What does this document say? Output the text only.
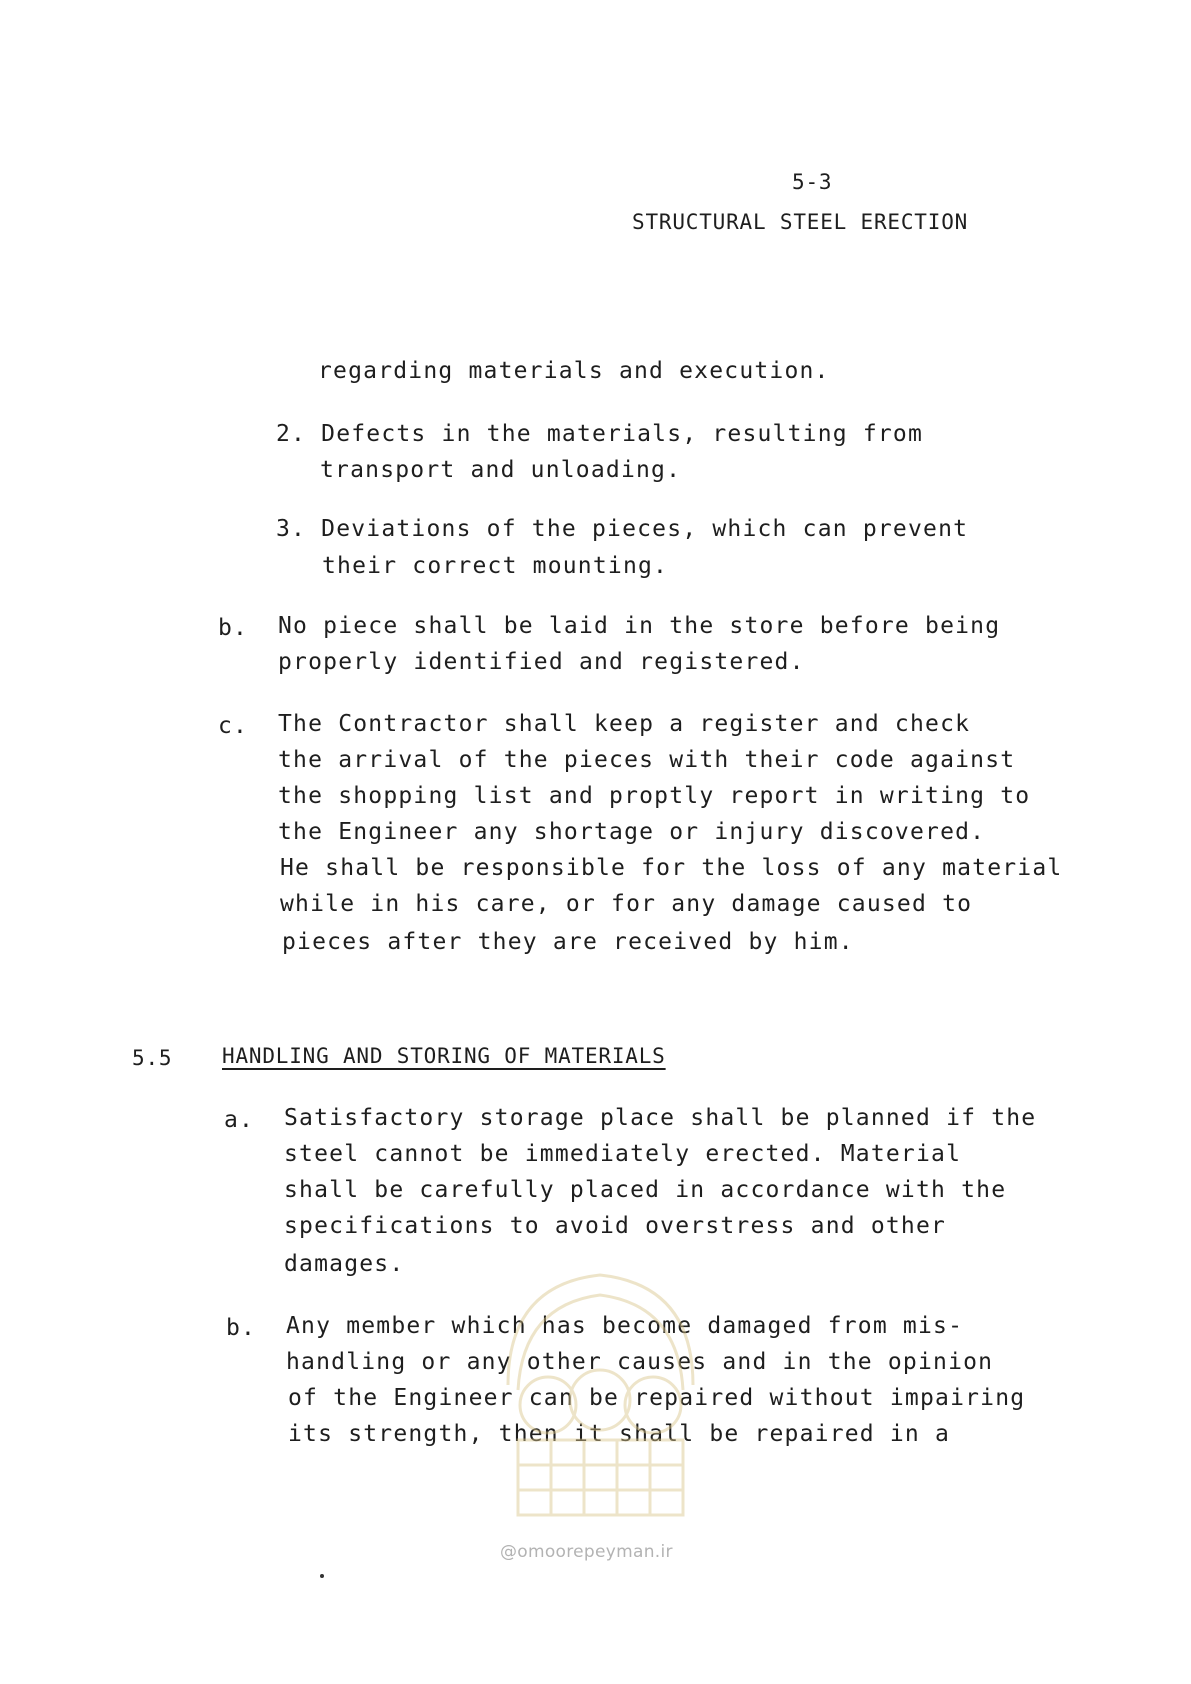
5-3
STRUCTURAL STEEL ERECTION
regarding materials and execution.
2. Defects in the materials, resulting from
transport and unloading.
3. Deviations of the pieces, which can prevent
their correct mounting.
b. No piece shall be laid in the store before being
properly identified and registered.
c. The Contractor shall keep a register and check
the arrival of the pieces with their code against
the shopping list and proptly report in writing to
the Engineer any shortage or injury discovered.
He shall be responsible for the loss of any material
while in his care, or for any damage caused to
pieces after they are received by him.
5.5 HANDLING AND STORING OF MATERIALS
a. Satisfactory storage place shall be planned if the
steel cannot be immediately erected. Material
shall be carefully placed in accordance with the
specifications to avoid overstress and other
damages.
b. Any member which has become damaged from mis-
handling or any other causes and in the opinion
of the Engineer can be repaired without impairing
its strength, then it shall be repaired in a
@omoorepeyman.ir
